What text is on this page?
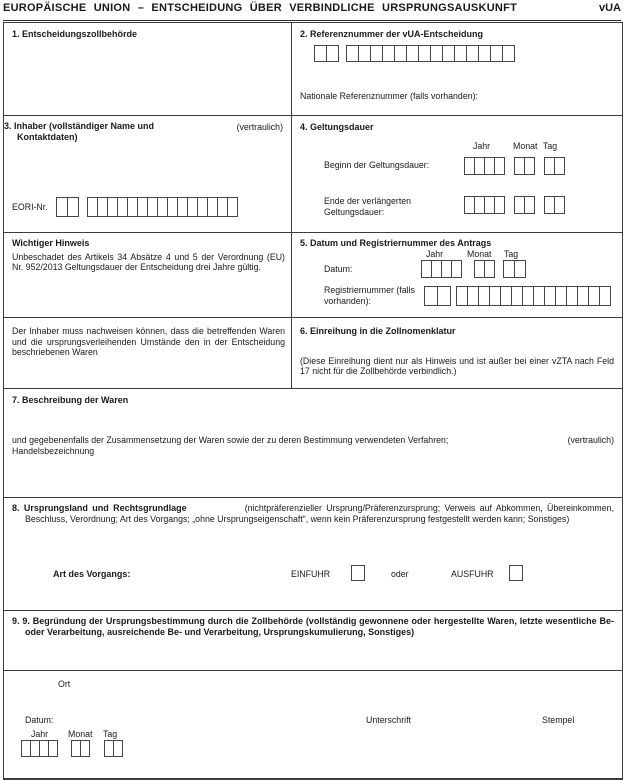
EUROPÄISCHE UNION – ENTSCHEIDUNG ÜBER VERBINDLICHE URSPRUNGSAUSKUNFT	vUA
1. Entscheidungszollbehörde	2. Referenznummer der vUA-Entscheidung
Nationale Referenznummer (falls vorhanden):
3. Inhaber (vollständiger Name und Kontaktdaten)
(vertraulich)
EORI-Nr.
4. Geltungsdauer
Jahr	Monat Tag
Beginn der Geltungsdauer:
Ende der verlängerten Geltungsdauer:
Wichtiger Hinweis
Unbeschadet des Artikels 34 Absätze 4 und 5 der Verordnung (EU) Nr. 952/2013 Geltungsdauer der Entscheidung drei Jahre gültig.
5. Datum und Registriernummer des Antrags
Jahr	Monat Tag
Datum:
Registriernummer (falls vorhanden):
Der Inhaber muss nachweisen können, dass die betreffenden Waren und die ursprungsverleihenden Umstände den in der Entscheidung beschriebenen Waren
6. Einreihung in die Zollnomenklatur
(Diese Einreihung dient nur als Hinweis und ist außer bei einer vZTA nach Feld 17 nicht für die Zollbehörde verbindlich.)
7. Beschreibung der Waren
und gegebenenfalls der Zusammensetzung der Waren sowie der zu deren Bestimmung verwendeten Verfahren;	(vertraulich)
Handelsbezeichnung
8. Ursprungsland und Rechtsgrundlage	(nichtpräferenzieller Ursprung/Präferenzursprung; Verweis auf Abkommen, Übereinkommen, Beschluss, Verordnung; Art des Vorgangs; „ohne Ursprungseigenschaft“, wenn kein Präferenzursprung festgestellt werden kann; Sonstiges)
Art des Vorgangs:	EINFUHR	oder	AUSFUHR
9. 9. Begründung der Ursprungsbestimmung durch die Zollbehörde (vollständig gewonnene oder hergestellte Waren, letzte wesentliche Be- oder Verarbeitung, ausreichende Be- und Verarbeitung, Ursprungskumulierung, Sonstiges)
Ort
Datum:	Unterschrift	Stempel
Jahr Monat Tag
